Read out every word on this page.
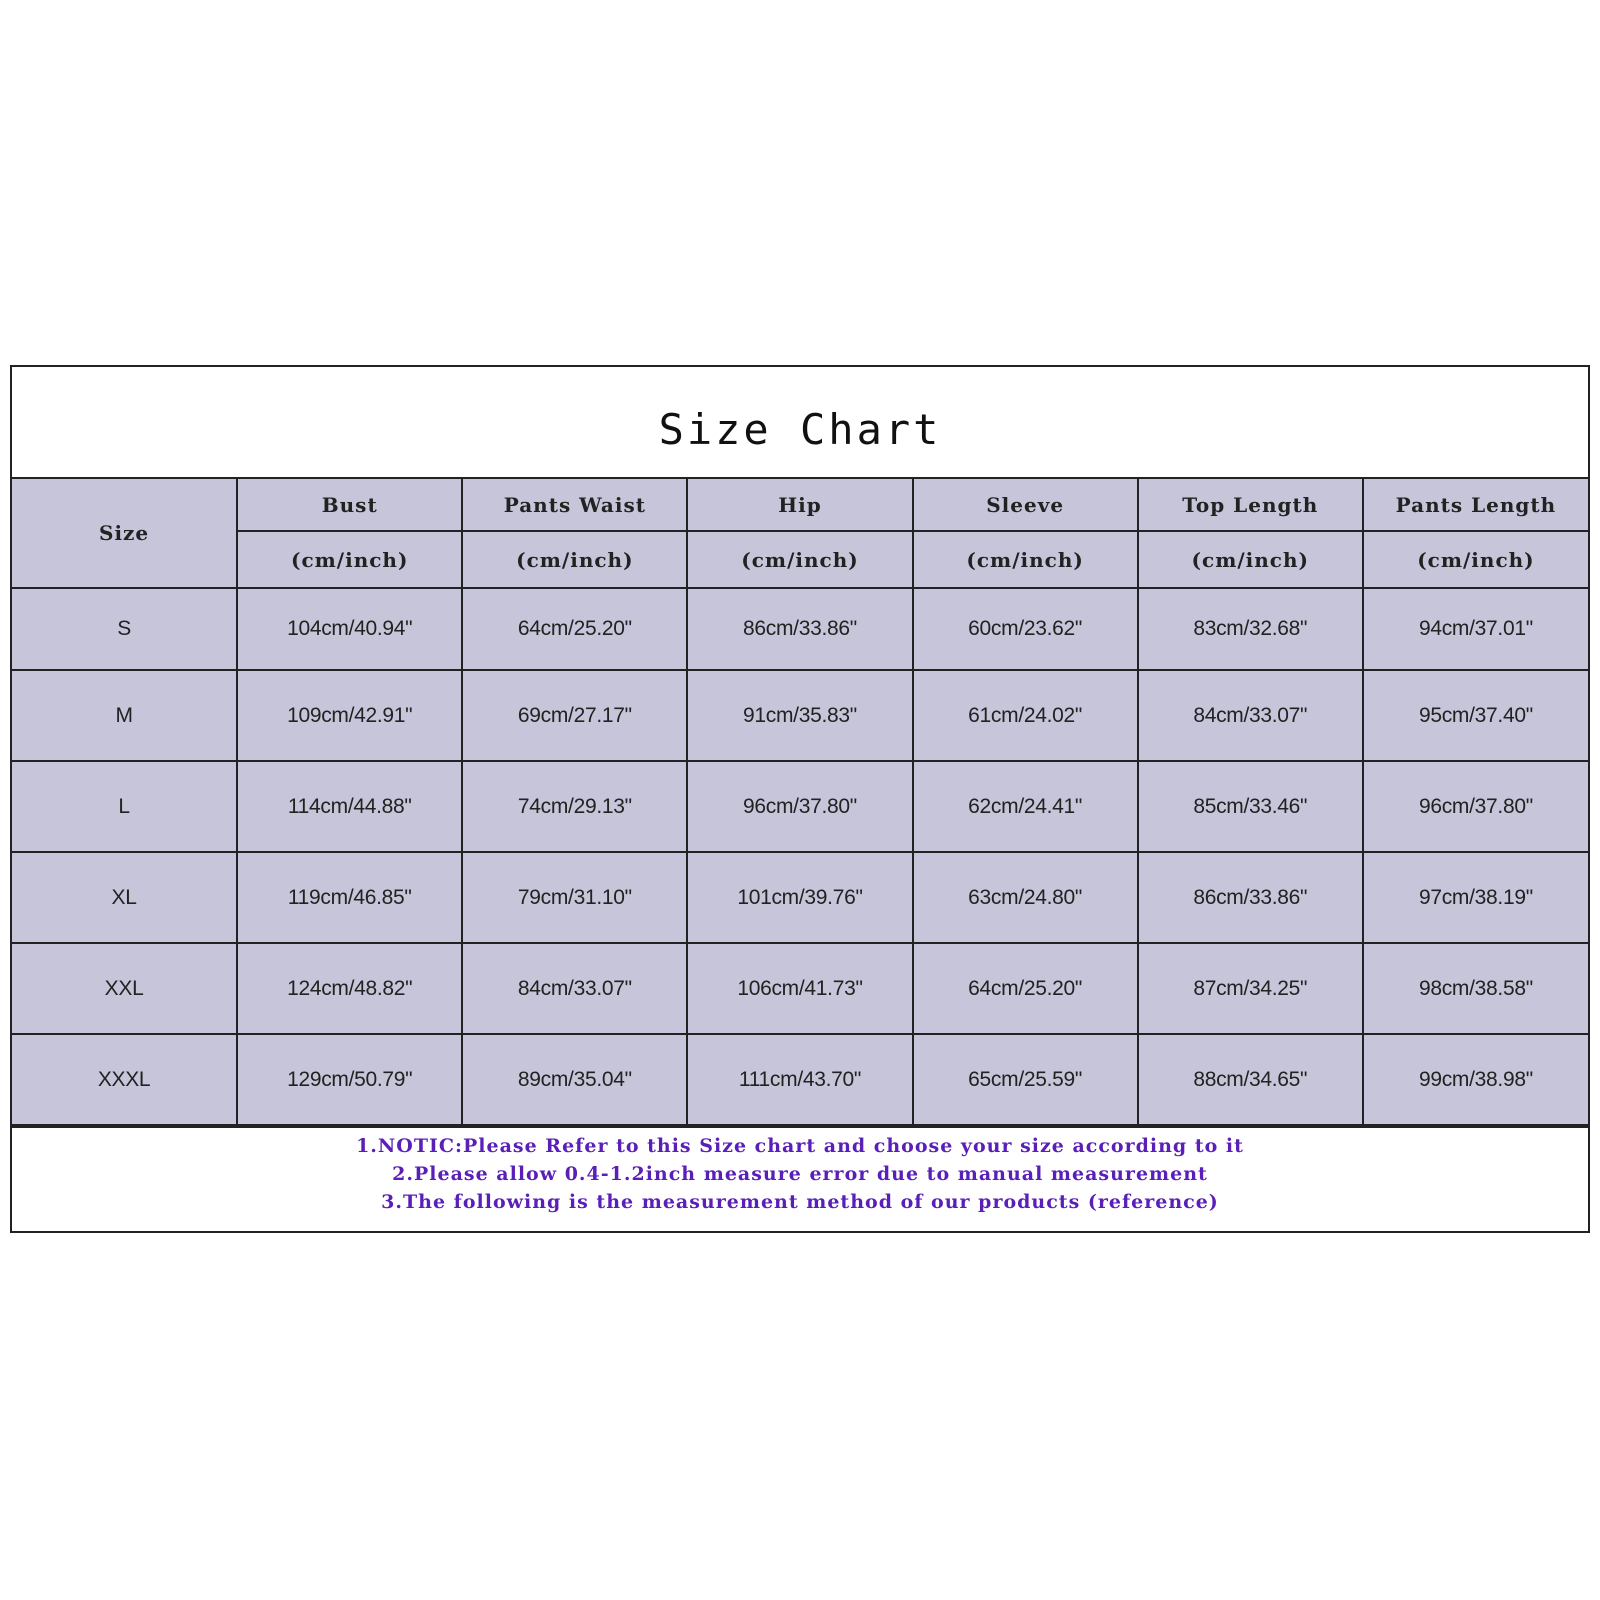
Size Chart
Size	Bust	Pants Waist	Hip	Sleeve	Top Length	Pants Length
	(cm/inch)	(cm/inch)	(cm/inch)	(cm/inch)	(cm/inch)	(cm/inch)
S	104cm/40.94"	64cm/25.20"	86cm/33.86"	60cm/23.62"	83cm/32.68"	94cm/37.01"
M	109cm/42.91"	69cm/27.17"	91cm/35.83"	61cm/24.02"	84cm/33.07"	95cm/37.40"
L	114cm/44.88"	74cm/29.13"	96cm/37.80"	62cm/24.41"	85cm/33.46"	96cm/37.80"
XL	119cm/46.85"	79cm/31.10"	101cm/39.76"	63cm/24.80"	86cm/33.86"	97cm/38.19"
XXL	124cm/48.82"	84cm/33.07"	106cm/41.73"	64cm/25.20"	87cm/34.25"	98cm/38.58"
XXXL	129cm/50.79"	89cm/35.04"	111cm/43.70"	65cm/25.59"	88cm/34.65"	99cm/38.98"
1.NOTIC:Please Refer to this Size chart and choose your size according to it
2.Please allow 0.4-1.2inch measure error due to manual measurement
3.The following is the measurement method of our products (reference)
